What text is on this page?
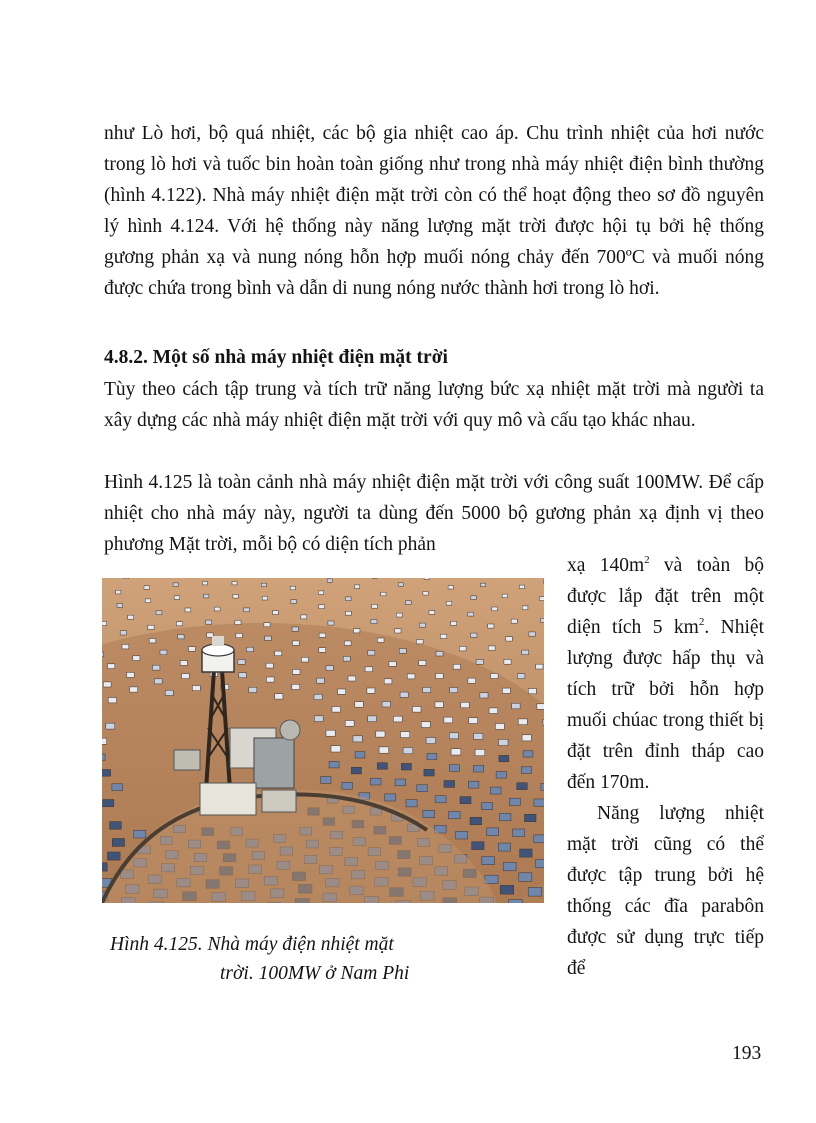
như Lò hơi, bộ quá nhiệt, các bộ gia nhiệt cao áp. Chu trình nhiệt của hơi nước trong lò hơi và tuốc bin hoàn toàn giống như trong nhà máy nhiệt điện bình thường (hình 4.122). Nhà máy nhiệt điện mặt trời còn có thể hoạt động theo sơ đồ nguyên lý hình 4.124. Với hệ thống này năng lượng mặt trời được hội tụ bởi hệ thống gương phản xạ và nung nóng hỗn hợp muối nóng chảy đến 700ºC và muối nóng được chứa trong bình và dẫn di nung nóng nước thành hơi trong lò hơi.

4.8.2. Một số nhà máy nhiệt điện mặt trời

Tùy theo cách tập trung và tích trữ năng lượng bức xạ nhiệt mặt trời mà người ta xây dựng các nhà máy nhiệt điện mặt trời với quy mô và cấu tạo khác nhau.

Hình 4.125 là toàn cảnh nhà máy nhiệt điện mặt trời với công suất 100MW. Để cấp nhiệt cho nhà máy này, người ta dùng đến 5000 bộ gương phản xạ định vị theo phương Mặt trời, mỗi bộ có diện tích phản

Hình 4.125. Nhà máy điện nhiệt mặt
trời. 100MW ở Nam Phi

xạ $140m^2$ và toàn bộ được lắp đặt trên một diện tích 5 $km^2$. Nhiệt lượng được hấp thụ và tích trữ bởi hỗn hợp muối chúac trong thiết bị đặt trên đỉnh tháp cao đến 170m.

Năng lượng nhiệt mặt trời cũng có thể được tập trung bởi hệ thống các đĩa parabôn được sử dụng trực tiếp để

193
